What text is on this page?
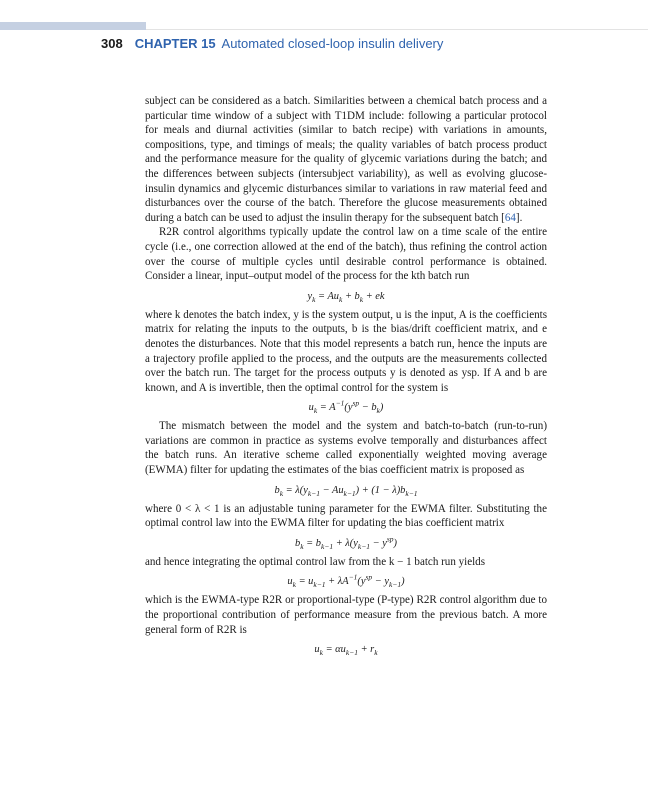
308 CHAPTER 15 Automated closed-loop insulin delivery

subject can be considered as a batch. Similarities between a chemical batch process and a particular time window of a subject with T1DM include: following a particular protocol for meals and diurnal activities (similar to batch recipe) with variations in amounts, compositions, type, and timings of meals; the quality variables of batch process product and the performance measure for the quality of glycemic variations during the batch; and the differences between subjects (intersubject variability), as well as evolving glucose-insulin dynamics and glycemic disturbances similar to variations in raw material feed and disturbances over the course of the batch. Therefore the glucose measurements obtained during a batch can be used to adjust the insulin therapy for the subsequent batch [64].

R2R control algorithms typically update the control law on a time scale of the entire cycle (i.e., one correction allowed at the end of the batch), thus refining the control action over the course of multiple cycles until desirable control performance is obtained. Consider a linear, input–output model of the process for the kth batch run

$y_k = Au_k + b_k$ + ek

where k denotes the batch index, y is the system output, u is the input, A is the coefficients matrix for relating the inputs to the outputs, b is the bias/drift coefficient matrix, and e denotes the disturbances. Note that this model represents a batch run, hence the inputs are a trajectory profile applied to the process, and the outputs are the measurements collected over the batch run. The target for the process outputs y is denoted as ysp. If A and b are known, and A is invertible, then the optimal control for the system is

$u_k = A^{-1}(y^{sp} - b_k)$

The mismatch between the model and the system and batch-to-batch (run-to-run) variations are common in practice as systems evolve temporally and disturbances affect the batch runs. An iterative scheme called exponentially weighted moving average (EWMA) filter for updating the estimates of the bias coefficient matrix is proposed as

$b_k = \lambda(y_{k-1} - Au_{k-1}) + (1 - \lambda)b_{k-1}$

where 0 < λ < 1 is an adjustable tuning parameter for the EWMA filter. Substituting the optimal control law into the EWMA filter for updating the bias coefficient matrix

$b_k = b_{k-1} + \lambda(y_{k-1} - y^{sp})$

and hence integrating the optimal control law from the k − 1 batch run yields

$u_k = u_{k-1} + \lambda A^{-1}(y^{sp} - y_{k-1})$

which is the EWMA-type R2R or proportional-type (P-type) R2R control algorithm due to the proportional contribution of performance measure from the previous batch. A more general form of R2R is

$u_k = \alpha u_{k-1} + r_k$
